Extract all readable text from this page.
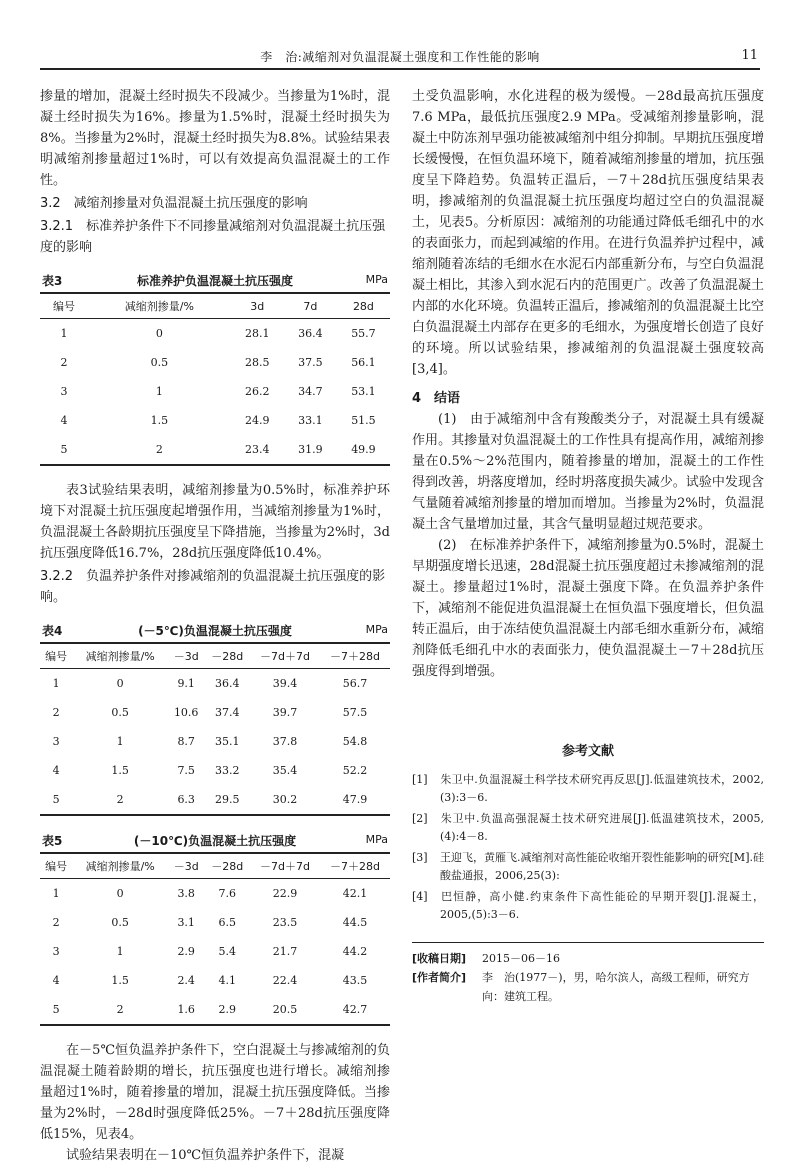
李　治:减缩剂对负温混凝土强度和工作性能的影响	11

掺量的增加，混凝土经时损失不段减少。当掺量为1%时，混凝土经时损失为16%。掺量为1.5%时，混凝土经时损失为8%。当掺量为2%时，混凝土经时损失为8.8%。试验结果表明减缩剂掺量超过1%时，可以有效提高负温混凝土的工作性。

3.2　减缩剂掺量对负温混凝土抗压强度的影响
3.2.1　标准养护条件下不同掺量减缩剂对负温混凝土抗压强度的影响
表3	标准养护负温混凝土抗压强度	MPa
编号	减缩剂掺量/%	3d	7d	28d
1	0	28.1	36.4	55.7
2	0.5	28.5	37.5	56.1
3	1	26.2	34.7	53.1
4	1.5	24.9	33.1	51.5
5	2	23.4	31.9	49.9

表3试验结果表明，减缩剂掺量为0.5%时，标准养护环境下对混凝土抗压强度起增强作用，当减缩剂掺量为1%时，负温混凝土各龄期抗压强度呈下降措施，当掺量为2%时，3d抗压强度降低16.7%，28d抗压强度降低10.4%。

3.2.2　负温养护条件对掺减缩剂的负温混凝土抗压强度的影响。
表4	(－5℃)负温混凝土抗压强度	MPa
编号	减缩剂掺量/%	－3d	－28d	－7d＋7d	－7＋28d
1	0	9.1	36.4	39.4	56.7
2	0.5	10.6	37.4	39.7	57.5
3	1	8.7	35.1	37.8	54.8
4	1.5	7.5	33.2	35.4	52.2
5	2	6.3	29.5	30.2	47.9
表5	(－10℃)负温混凝土抗压强度	MPa
编号	减缩剂掺量/%	－3d	－28d	－7d＋7d	－7＋28d
1	0	3.8	7.6	22.9	42.1
2	0.5	3.1	6.5	23.5	44.5
3	1	2.9	5.4	21.7	44.2
4	1.5	2.4	4.1	22.4	43.5
5	2	1.6	2.9	20.5	42.7

在－5℃恒负温养护条件下，空白混凝土与掺减缩剂的负温混凝土随着龄期的增长，抗压强度也进行增长。减缩剂掺量超过1%时，随着掺量的增加，混凝土抗压强度降低。当掺量为2%时，－28d时强度降低25%。－7＋28d抗压强度降低15%，见表4。

试验结果表明在－10℃恒负温养护条件下，混凝

土受负温影响，水化进程的极为缓慢。－28d最高抗压强度7.6 MPa，最低抗压强度2.9 MPa。受减缩剂掺量影响，混凝土中防冻剂早强功能被减缩剂中组分抑制。早期抗压强度增长缓慢慢，在恒负温环境下，随着减缩剂掺量的增加，抗压强度呈下降趋势。负温转正温后，－7＋28d抗压强度结果表明，掺减缩剂的负温混凝土抗压强度均超过空白的负温混凝土，见表5。分析原因：减缩剂的功能通过降低毛细孔中的水的表面张力，而起到减缩的作用。在进行负温养护过程中，减缩剂随着冻结的毛细水在水泥石内部重新分布，与空白负温混凝土相比，其渗入到水泥石内的范围更广。改善了负温混凝土内部的水化环境。负温转正温后，掺减缩剂的负温混凝土比空白负温混凝土内部存在更多的毛细水，为强度增长创造了良好的环境。所以试验结果，掺减缩剂的负温混凝土强度较高[3,4]。

4　结语

(1)　由于减缩剂中含有羧酸类分子，对混凝土具有缓凝作用。其掺量对负温混凝土的工作性具有提高作用，减缩剂掺量在0.5%～2%范围内，随着掺量的增加，混凝土的工作性得到改善，坍落度增加，经时坍落度损失减少。试验中发现含气量随着减缩剂掺量的增加而增加。当掺量为2%时，负温混凝土含气量增加过量，其含气量明显超过规范要求。

(2)　在标准养护条件下，减缩剂掺量为0.5%时，混凝土早期强度增长迅速，28d混凝土抗压强度超过未掺减缩剂的混凝土。掺量超过1%时，混凝土强度下降。在负温养护条件下，减缩剂不能促进负温混凝土在恒负温下强度增长，但负温转正温后，由于冻结使负温混凝土内部毛细水重新分布，减缩剂降低毛细孔中水的表面张力，使负温混凝土－7＋28d抗压强度得到增强。

参考文献
[1] 朱卫中.负温混凝土科学技术研究再反思[J].低温建筑技术，2002,(3):3－6.
[2] 朱卫中.负温高强混凝土技术研究进展[J].低温建筑技术，2005,(4):4－8.
[3] 王迎飞，黄雁飞.减缩剂对高性能砼收缩开裂性能影响的研究[M].硅酸盐通报，2006,25(3):
[4] 巴恒静，高小健.约束条件下高性能砼的早期开裂[J].混凝土，2005,(5):3－6.
[收稿日期]	2015－06－16
[作者简介]	李　治(1977－)，男，哈尔滨人，高级工程师，研究方向：建筑工程。
